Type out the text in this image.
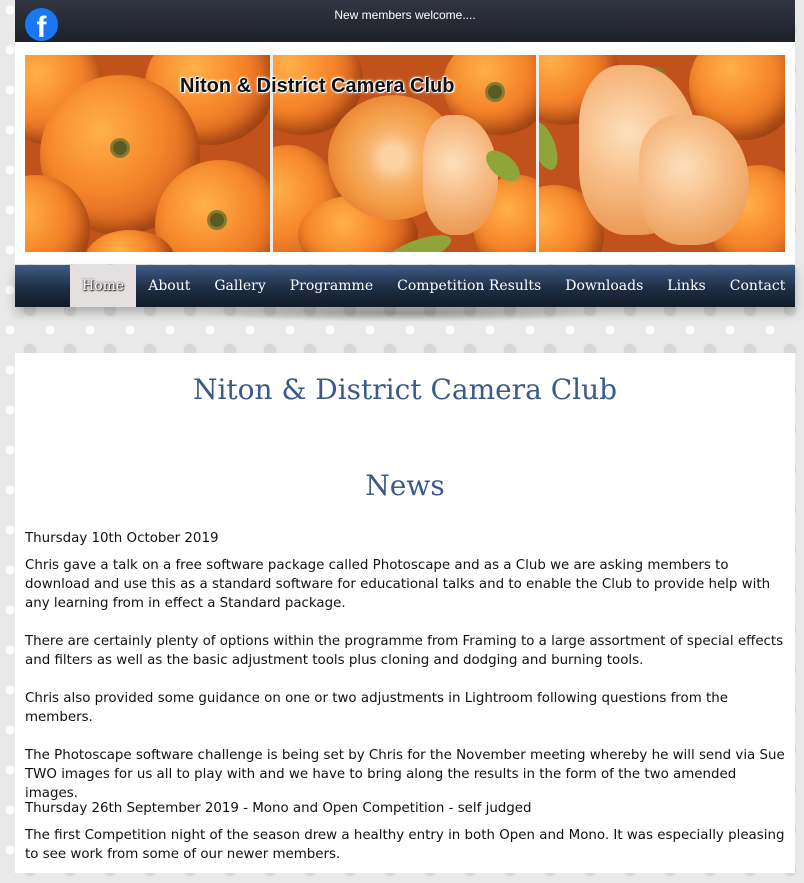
f	New members welcome....
Niton & District Camera Club
Home	About	Gallery	Programme	Competition Results	Downloads	Links	Contact
Niton & District Camera Club
News

Thursday 10th October 2019

Chris gave a talk on a free software package called Photoscape and as a Club we are asking members to download and use this as a standard software for educational talks and to enable the Club to provide help with any learning from in effect a Standard package.

There are certainly plenty of options within the programme from Framing to a large assortment of special effects and filters as well as the basic adjustment tools plus cloning and dodging and burning tools.

Chris also provided some guidance on one or two adjustments in Lightroom following questions from the members.

The Photoscape software challenge is being set by Chris for the November meeting whereby he will send via Sue TWO images for us all to play with and we have to bring along the results in the form of the two amended images.

Thursday 26th September 2019 - Mono and Open Competition - self judged

The first Competition night of the season drew a healthy entry in both Open and Mono. It was especially pleasing to see work from some of our newer members.
